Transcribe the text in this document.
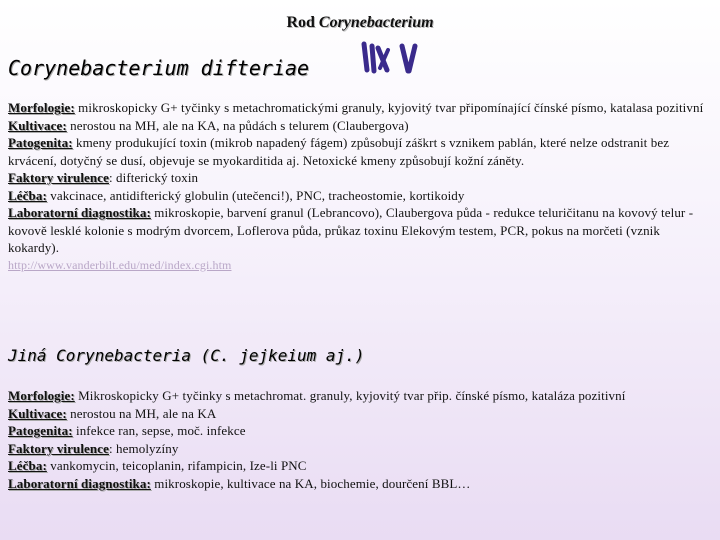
Rod Corynebacterium
Corynebacterium difteriae
Morfologie: mikroskopicky G+ tyčinky s metachromatickými granuly, kyjovitý tvar připomínající čínské písmo, katalasa pozitivní
Kultivace: nerostou na MH, ale na KA, na půdách s telurem (Claubergova)
Patogenita: kmeny produkující toxin (mikrob napadený fágem) způsobují záškrt s vznikem pablán, které nelze odstranit bez krvácení, dotyčný se dusí, objevuje se myokarditida aj. Netoxické kmeny způsobují kožní záněty.
Faktory virulence: difterický toxin
Léčba: vakcinace, antidifterický globulin (utečenci!), PNC, tracheostomie, kortikoidy
Laboratorní diagnostika: mikroskopie, barvení granul (Lebrancovo), Claubergova půda - redukce teluričitanu na kovový telur - kovově lesklé kolonie s modrým dvorcem, Loflerova půda, průkaz toxinu Elekovým testem, PCR, pokus na morčeti (vznik kokardy).
http://www.vanderbilt.edu/med/index.cgi.htm
Jiná Corynebacteria (C. jejkeium aj.)
Morfologie: Mikroskopicky G+ tyčinky s metachromat. granuly, kyjovitý tvar přip. čínské písmo, kataláza pozitivní
Kultivace: nerostou na MH, ale na KA
Patogenita: infekce ran, sepse, moč. infekce
Faktory virulence: hemolyzíny
Léčba: vankomycin, teicoplanin, rifampicin, Ize-li PNC
Laboratorní diagnostika: mikroskopie, kultivace na KA, biochemie, dourčení BBL…
